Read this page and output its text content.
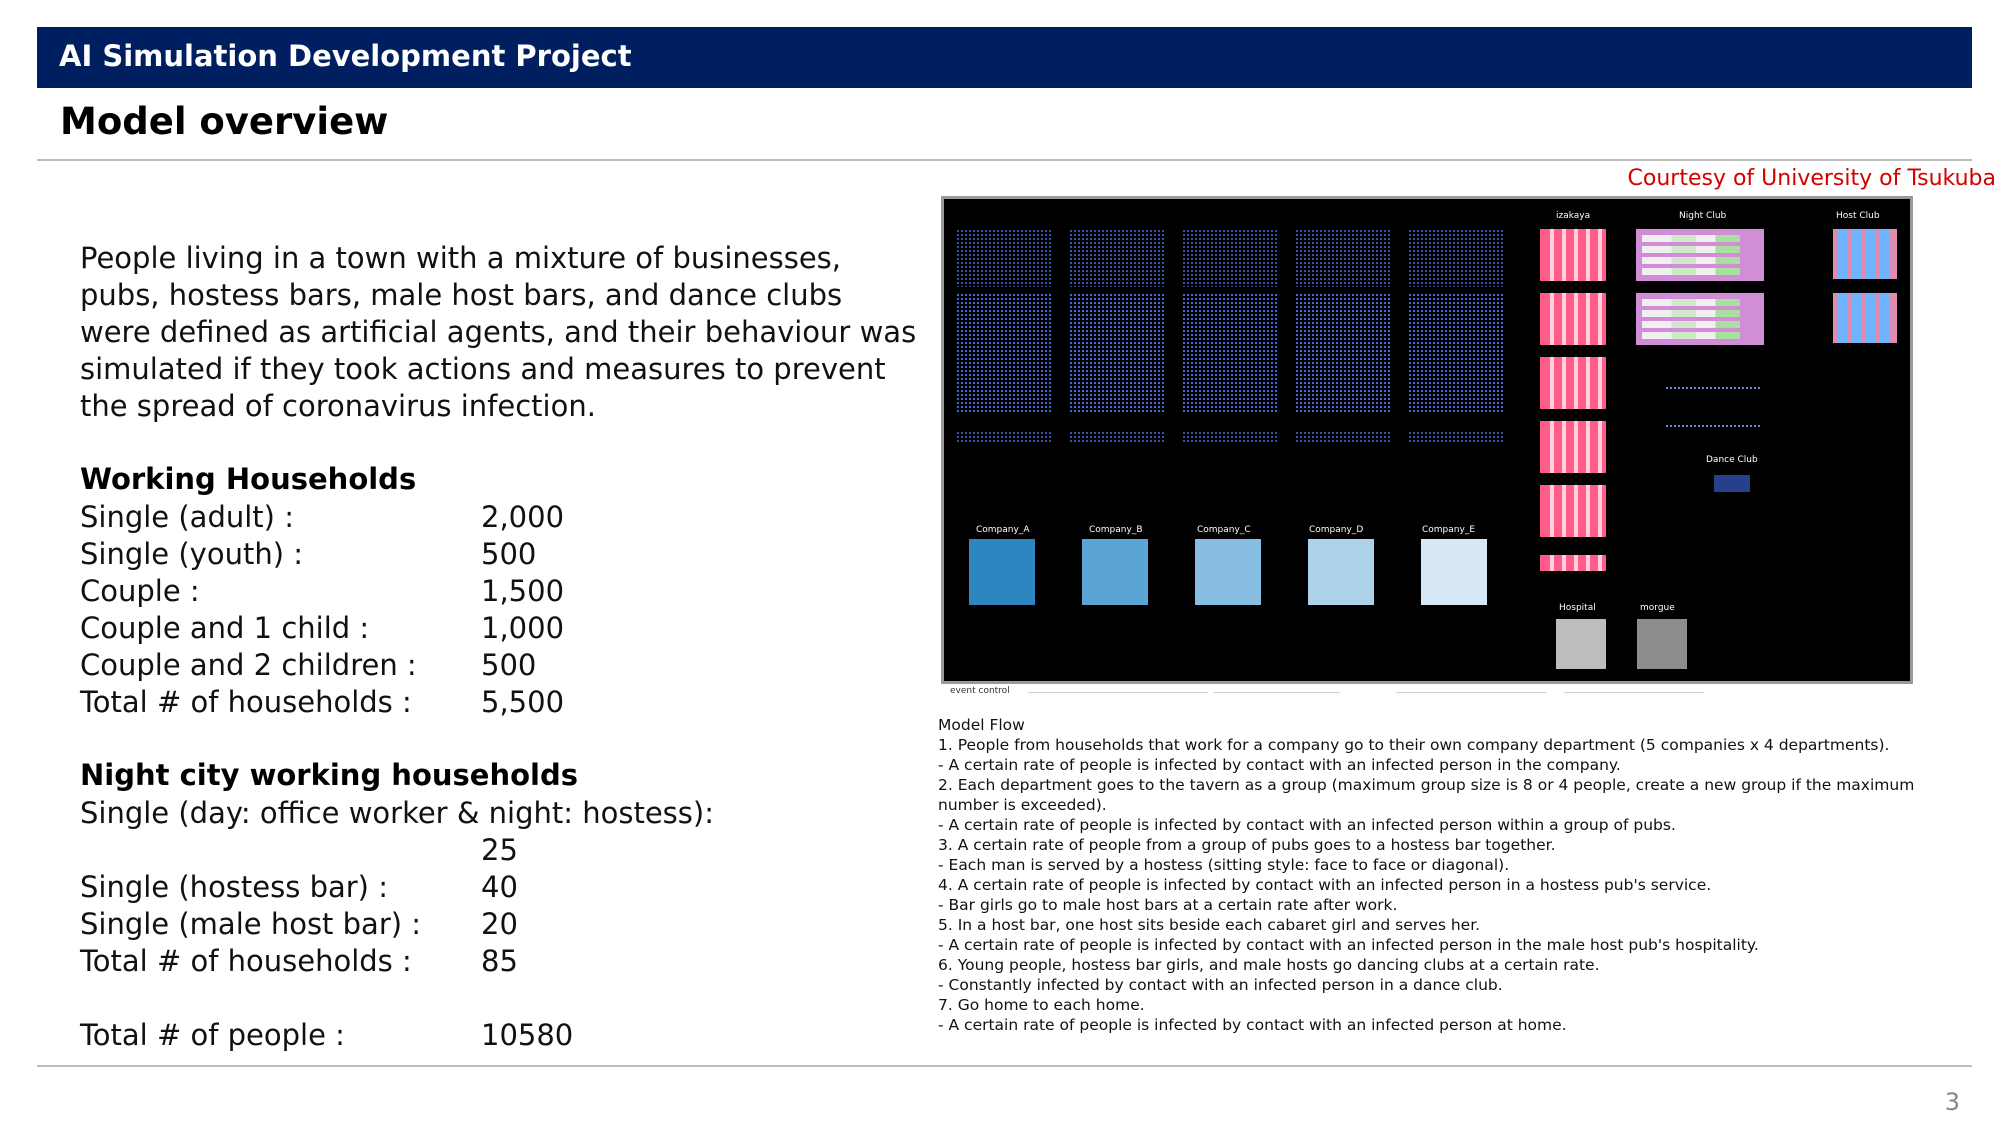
AI Simulation Development Project
Model overview
Courtesy of University of Tsukuba
People living in a town with a mixture of businesses, pubs, hostess bars, male host bars, and dance clubs were defined as artificial agents, and their behaviour was simulated if they took actions and measures to prevent the spread of coronavirus infection.
Working Households
Single (adult) :	2,000
Single (youth) :	500
Couple :	1,500
Couple and 1 child :	1,000
Couple and 2 children : 500
Total # of households : 5,500
Night city working households
Single (day: office worker & night: hostess):
25
Single (hostess bar) :	40
Single (male host bar) : 20
Total # of households : 85
Total # of people :	10580
Company_A	Company_B	Company_C	Company_D	Company_E
izakaya	Night Club	Host Club
Dance Club
Hospital	morgue
event control
Model Flow
1. People from households that work for a company go to their own company department (5 companies x 4 departments).
- A certain rate of people is infected by contact with an infected person in the company.
2. Each department goes to the tavern as a group (maximum group size is 8 or 4 people, create a new group if the maximum number is exceeded).
- A certain rate of people is infected by contact with an infected person within a group of pubs.
3. A certain rate of people from a group of pubs goes to a hostess bar together.
- Each man is served by a hostess (sitting style: face to face or diagonal).
4. A certain rate of people is infected by contact with an infected person in a hostess pub's service.
- Bar girls go to male host bars at a certain rate after work.
5. In a host bar, one host sits beside each cabaret girl and serves her.
- A certain rate of people is infected by contact with an infected person in the male host pub's hospitality.
6. Young people, hostess bar girls, and male hosts go dancing clubs at a certain rate.
- Constantly infected by contact with an infected person in a dance club.
7. Go home to each home.
- A certain rate of people is infected by contact with an infected person at home.
3
